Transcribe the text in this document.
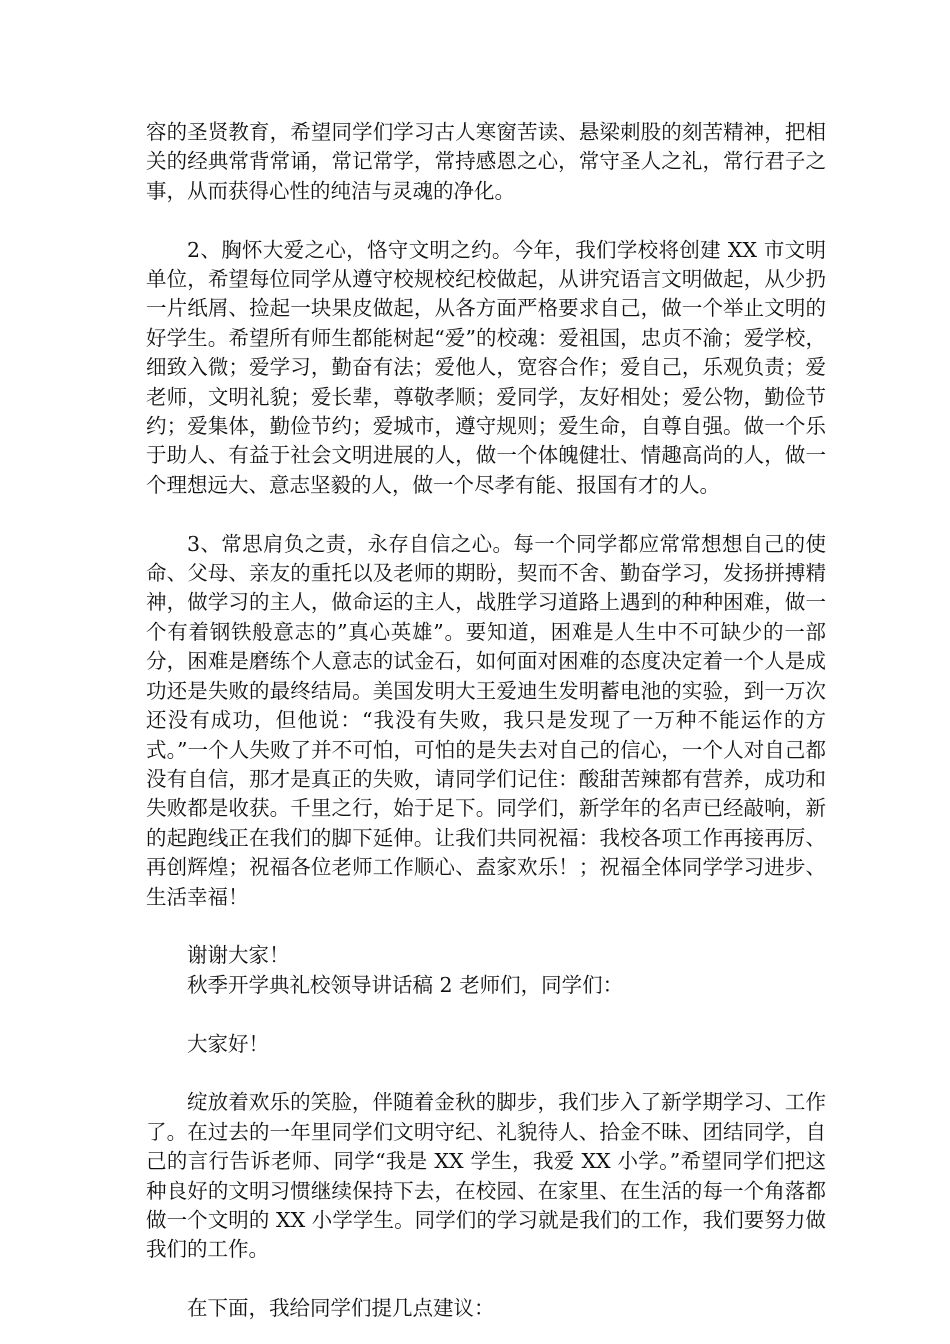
容的圣贤教育，希望同学们学习古人寒窗苦读、悬梁刺股的刻苦精神，把相关的经典常背常诵，常记常学，常持感恩之心，常守圣人之礼，常行君子之事，从而获得心性的纯洁与灵魂的净化。

2、胸怀大爱之心，恪守文明之约。今年，我们学校将创建 XX 市文明单位，希望每位同学从遵守校规校纪校做起，从讲究语言文明做起，从少扔一片纸屑、捡起一块果皮做起，从各方面严格要求自己，做一个举止文明的好学生。希望所有师生都能树起“爱”的校魂：爱祖国，忠贞不渝；爱学校，细致入微；爱学习，勤奋有法；爱他人，宽容合作；爱自己，乐观负责；爱老师，文明礼貌；爱长辈，尊敬孝顺；爱同学，友好相处；爱公物，勤俭节约；爱集体，勤俭节约；爱城市，遵守规则；爱生命，自尊自强。做一个乐于助人、有益于社会文明进展的人，做一个体魄健壮、情趣高尚的人，做一个理想远大、意志坚毅的人，做一个尽孝有能、报国有才的人。

3、常思肩负之责，永存自信之心。每一个同学都应常常想想自己的使命、父母、亲友的重托以及老师的期盼，契而不舍、勤奋学习，发扬拼搏精神，做学习的主人，做命运的主人，战胜学习道路上遇到的种种困难，做一个有着钢铁般意志的”真心英雄”。要知道，困难是人生中不可缺少的一部分，困难是磨练个人意志的试金石，如何面对困难的态度决定着一个人是成功还是失败的最终结局。美国发明大王爱迪生发明蓄电池的实验，到一万次还没有成功，但他说：“我没有失败，我只是发现了一万种不能运作的方式。”一个人失败了并不可怕，可怕的是失去对自己的信心，一个人对自己都没有自信，那才是真正的失败，请同学们记住：酸甜苦辣都有营养，成功和失败都是收获。千里之行，始于足下。同学们，新学年的名声已经敲响，新的起跑线正在我们的脚下延伸。让我们共同祝福：我校各项工作再接再厉、再创辉煌；祝福各位老师工作顺心、盍家欢乐！；祝福全体同学学习进步、生活幸福！

谢谢大家！

秋季开学典礼校领导讲话稿 2 老师们，同学们：

大家好！

绽放着欢乐的笑脸，伴随着金秋的脚步，我们步入了新学期学习、工作了。在过去的一年里同学们文明守纪、礼貌待人、拾金不昧、团结同学，自己的言行告诉老师、同学“我是 XX 学生，我爱 XX 小学。”希望同学们把这种良好的文明习惯继续保持下去，在校园、在家里、在生活的每一个角落都做一个文明的 XX 小学学生。同学们的学习就是我们的工作，我们要努力做我们的工作。

在下面，我给同学们提几点建议：
